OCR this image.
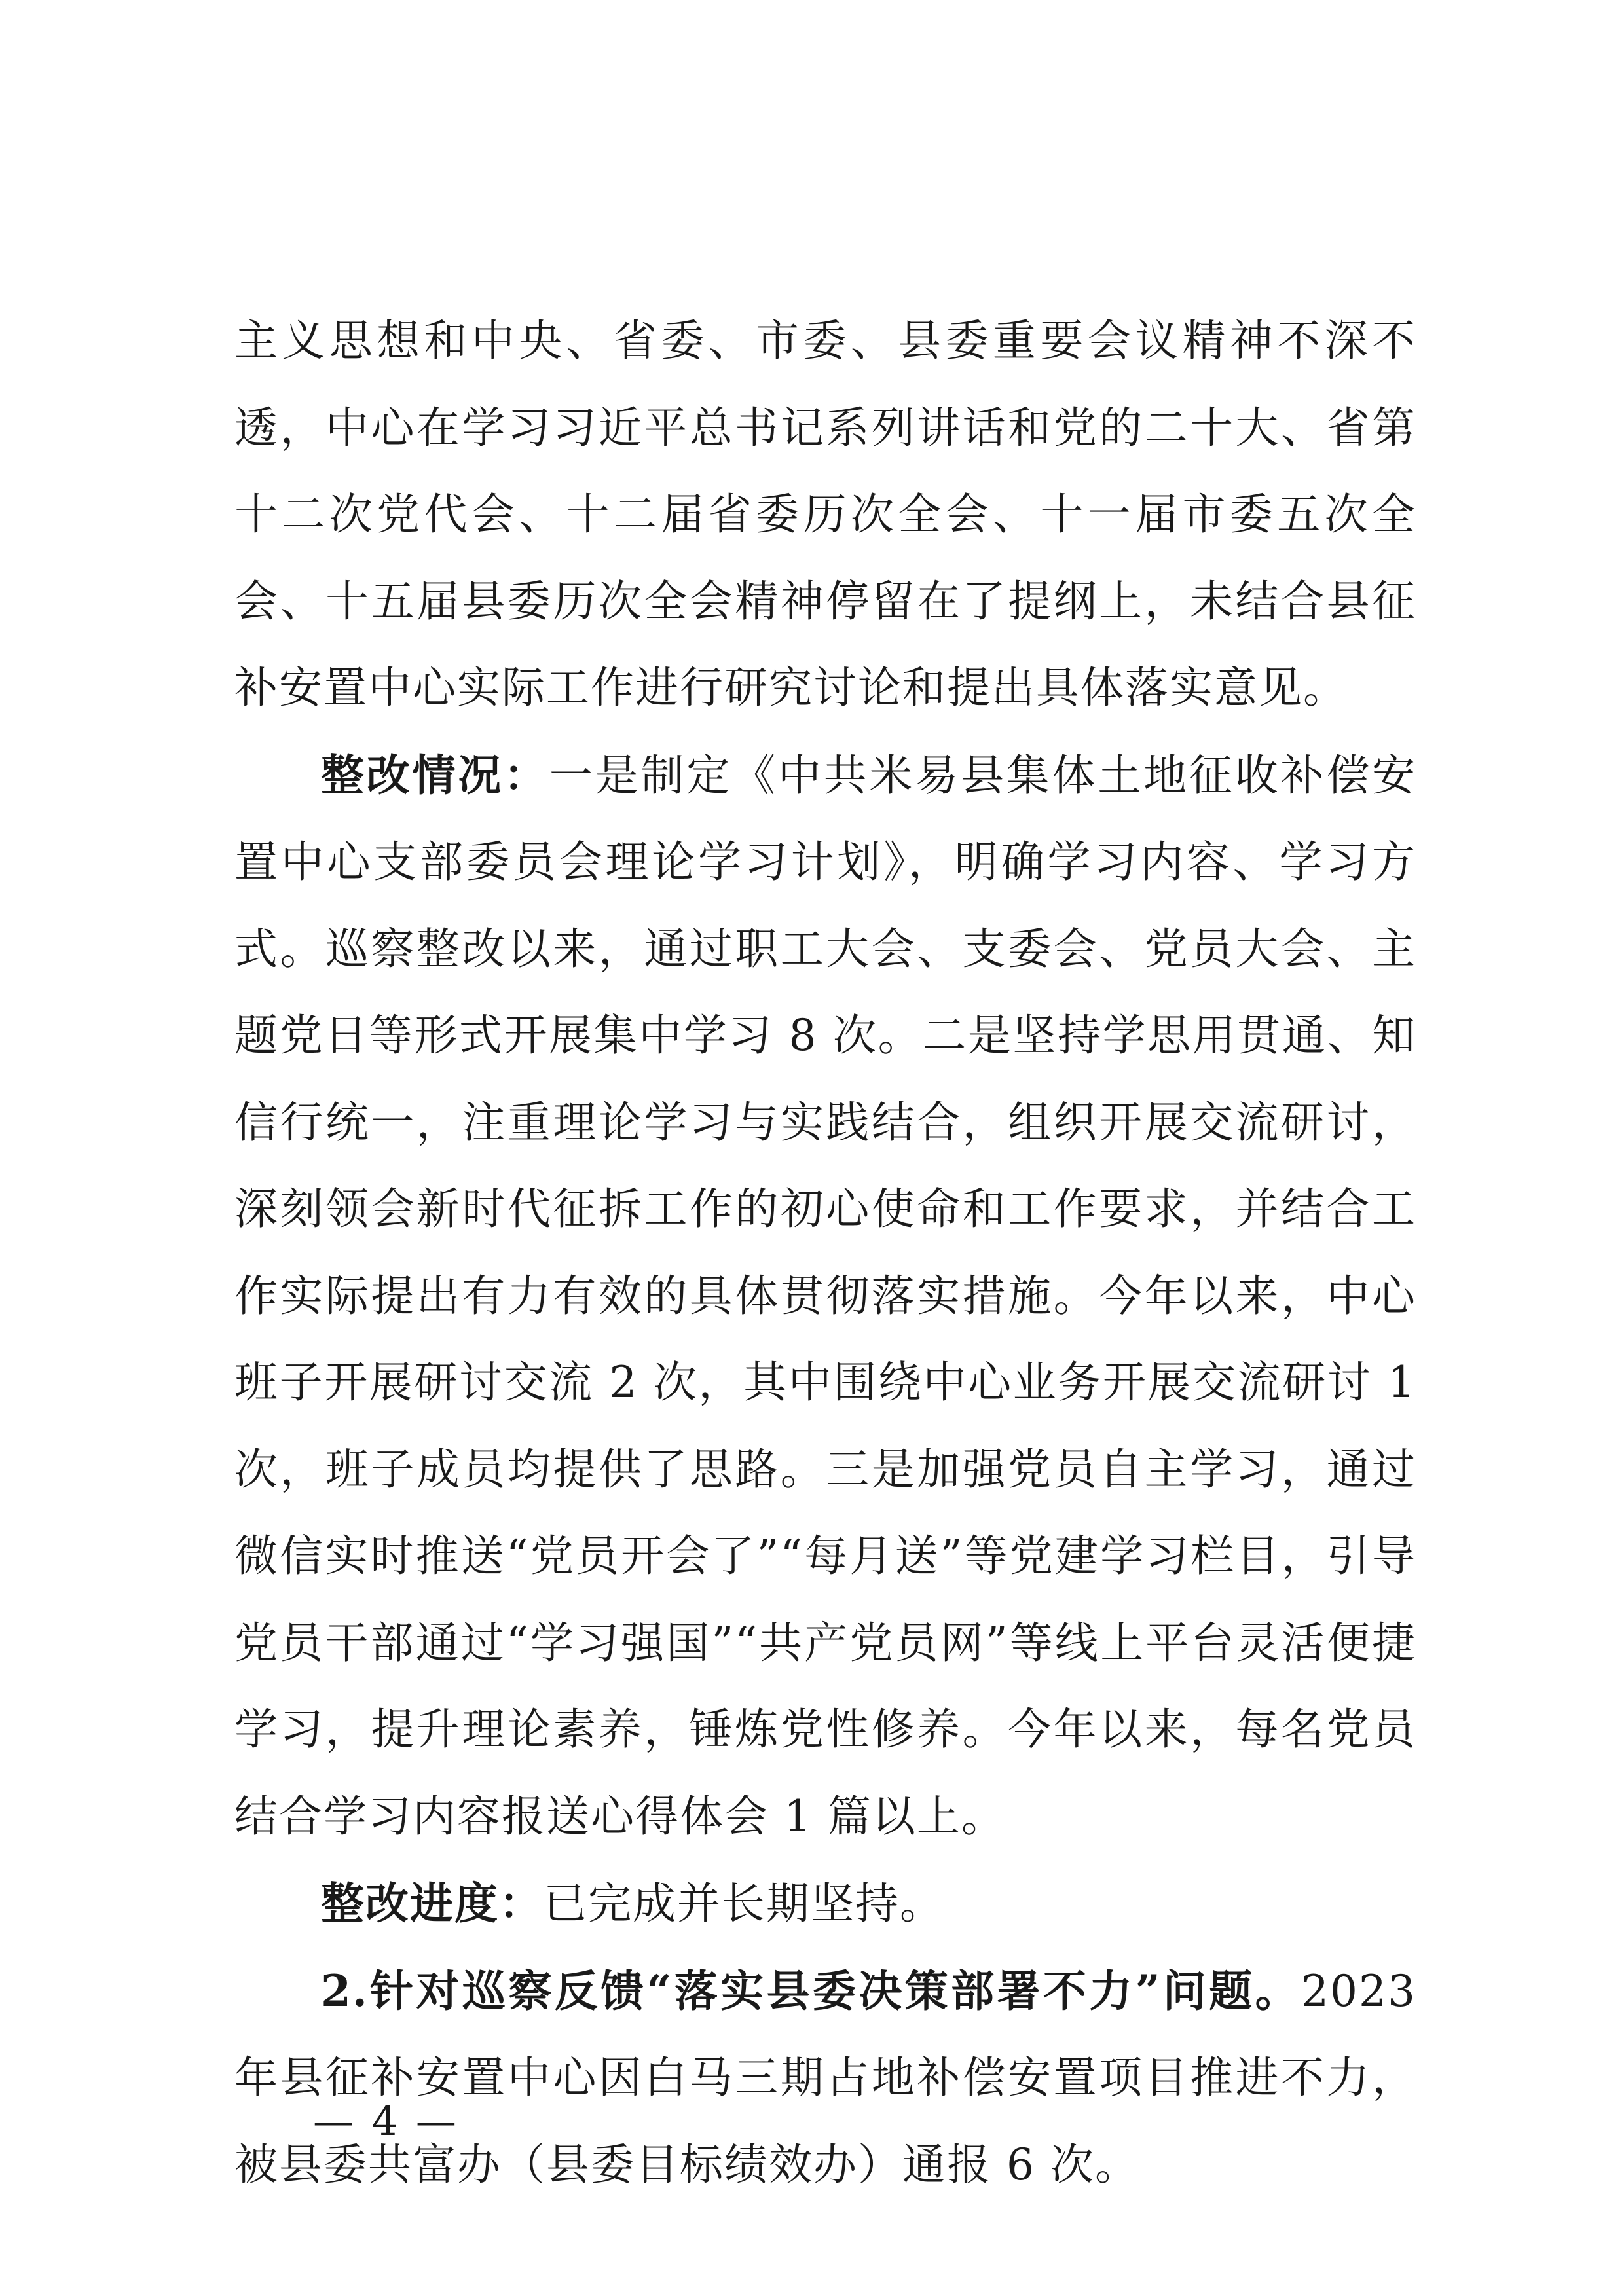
主义思想和中央、省委、市委、县委重要会议精神不深不透，中心在学习习近平总书记系列讲话和党的二十大、省第十二次党代会、十二届省委历次全会、十一届市委五次全会、十五届县委历次全会精神停留在了提纲上，未结合县征补安置中心实际工作进行研究讨论和提出具体落实意见。

整改情况：一是制定《中共米易县集体土地征收补偿安置中心支部委员会理论学习计划》，明确学习内容、学习方式。巡察整改以来，通过职工大会、支委会、党员大会、主题党日等形式开展集中学习 8 次。二是坚持学思用贯通、知信行统一，注重理论学习与实践结合，组织开展交流研讨，深刻领会新时代征拆工作的初心使命和工作要求，并结合工作实际提出有力有效的具体贯彻落实措施。今年以来，中心班子开展研讨交流 2 次，其中围绕中心业务开展交流研讨 1 次，班子成员均提供了思路。三是加强党员自主学习，通过微信实时推送“党员开会了”“每月送”等党建学习栏目，引导党员干部通过“学习强国”“共产党员网”等线上平台灵活便捷学习，提升理论素养，锤炼党性修养。今年以来，每名党员结合学习内容报送心得体会 1 篇以上。

整改进度：已完成并长期坚持。

2.针对巡察反馈“落实县委决策部署不力”问题。2023 年县征补安置中心因白马三期占地补偿安置项目推进不力，被县委共富办（县委目标绩效办）通报 6 次。

— 4 —
